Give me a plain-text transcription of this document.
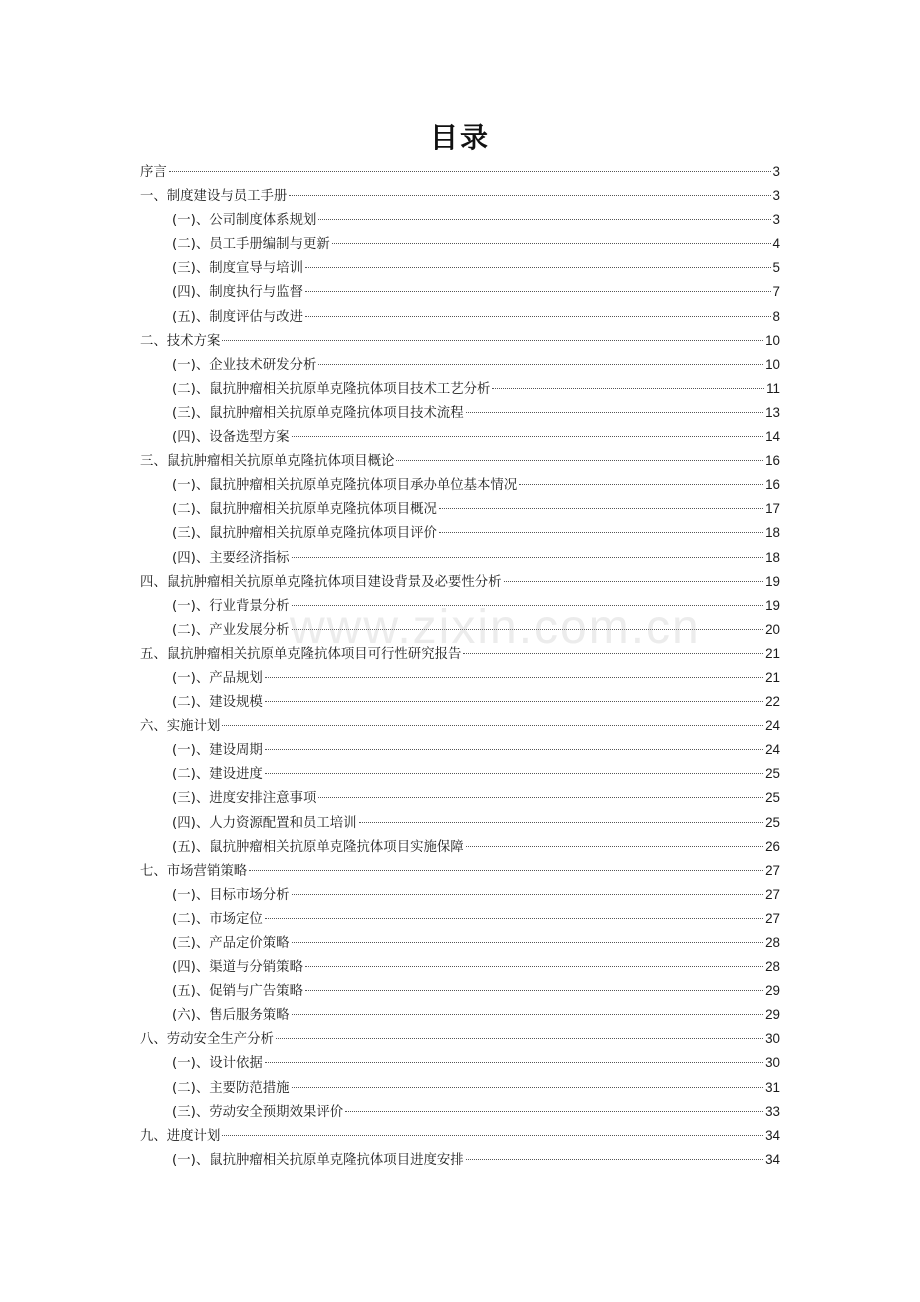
目录
序言	3
一、制度建设与员工手册	3
(一)、公司制度体系规划	3
(二)、员工手册编制与更新	4
(三)、制度宣导与培训	5
(四)、制度执行与监督	7
(五)、制度评估与改进	8
二、技术方案	10
(一)、企业技术研发分析	10
(二)、鼠抗肿瘤相关抗原单克隆抗体项目技术工艺分析	11
(三)、鼠抗肿瘤相关抗原单克隆抗体项目技术流程	13
(四)、设备选型方案	14
三、鼠抗肿瘤相关抗原单克隆抗体项目概论	16
(一)、鼠抗肿瘤相关抗原单克隆抗体项目承办单位基本情况	16
(二)、鼠抗肿瘤相关抗原单克隆抗体项目概况	17
(三)、鼠抗肿瘤相关抗原单克隆抗体项目评价	18
(四)、主要经济指标	18
四、鼠抗肿瘤相关抗原单克隆抗体项目建设背景及必要性分析	19
(一)、行业背景分析	19
(二)、产业发展分析	20
五、鼠抗肿瘤相关抗原单克隆抗体项目可行性研究报告	21
(一)、产品规划	21
(二)、建设规模	22
六、实施计划	24
(一)、建设周期	24
(二)、建设进度	25
(三)、进度安排注意事项	25
(四)、人力资源配置和员工培训	25
(五)、鼠抗肿瘤相关抗原单克隆抗体项目实施保障	26
七、市场营销策略	27
(一)、目标市场分析	27
(二)、市场定位	27
(三)、产品定价策略	28
(四)、渠道与分销策略	28
(五)、促销与广告策略	29
(六)、售后服务策略	29
八、劳动安全生产分析	30
(一)、设计依据	30
(二)、主要防范措施	31
(三)、劳动安全预期效果评价	33
九、进度计划	34
(一)、鼠抗肿瘤相关抗原单克隆抗体项目进度安排	34
www.zixin.com.cn
